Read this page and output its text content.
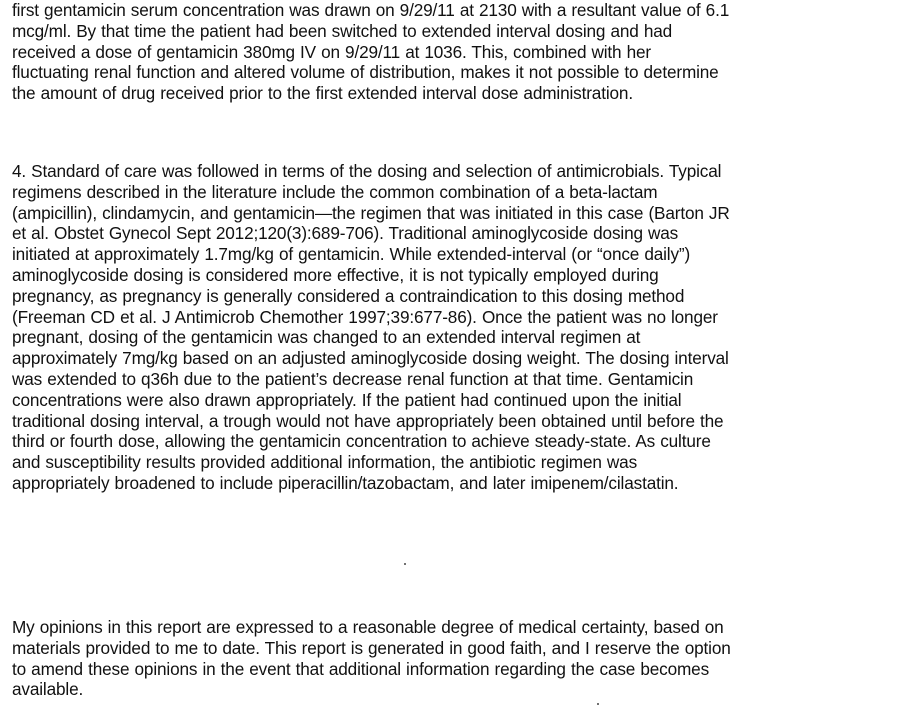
first gentamicin serum concentration was drawn on 9/29/11 at 2130 with a resultant value of 6.1
mcg/ml. By that time the patient had been switched to extended interval dosing and had
received a dose of gentamicin 380mg IV on 9/29/11 at 1036. This, combined with her
fluctuating renal function and altered volume of distribution, makes it not possible to determine
the amount of drug received prior to the first extended interval dose administration.
4. Standard of care was followed in terms of the dosing and selection of antimicrobials. Typical
regimens described in the literature include the common combination of a beta-lactam
(ampicillin), clindamycin, and gentamicin—the regimen that was initiated in this case (Barton JR
et al. Obstet Gynecol Sept 2012;120(3):689-706). Traditional aminoglycoside dosing was
initiated at approximately 1.7mg/kg of gentamicin. While extended-interval (or “once daily”)
aminoglycoside dosing is considered more effective, it is not typically employed during
pregnancy, as pregnancy is generally considered a contraindication to this dosing method
(Freeman CD et al. J Antimicrob Chemother 1997;39:677-86). Once the patient was no longer
pregnant, dosing of the gentamicin was changed to an extended interval regimen at
approximately 7mg/kg based on an adjusted aminoglycoside dosing weight. The dosing interval
was extended to q36h due to the patient’s decrease renal function at that time. Gentamicin
concentrations were also drawn appropriately. If the patient had continued upon the initial
traditional dosing interval, a trough would not have appropriately been obtained until before the
third or fourth dose, allowing the gentamicin concentration to achieve steady-state. As culture
and susceptibility results provided additional information, the antibiotic regimen was
appropriately broadened to include piperacillin/tazobactam, and later imipenem/cilastatin.
My opinions in this report are expressed to a reasonable degree of medical certainty, based on
materials provided to me to date. This report is generated in good faith, and I reserve the option
to amend these opinions in the event that additional information regarding the case becomes
available.
